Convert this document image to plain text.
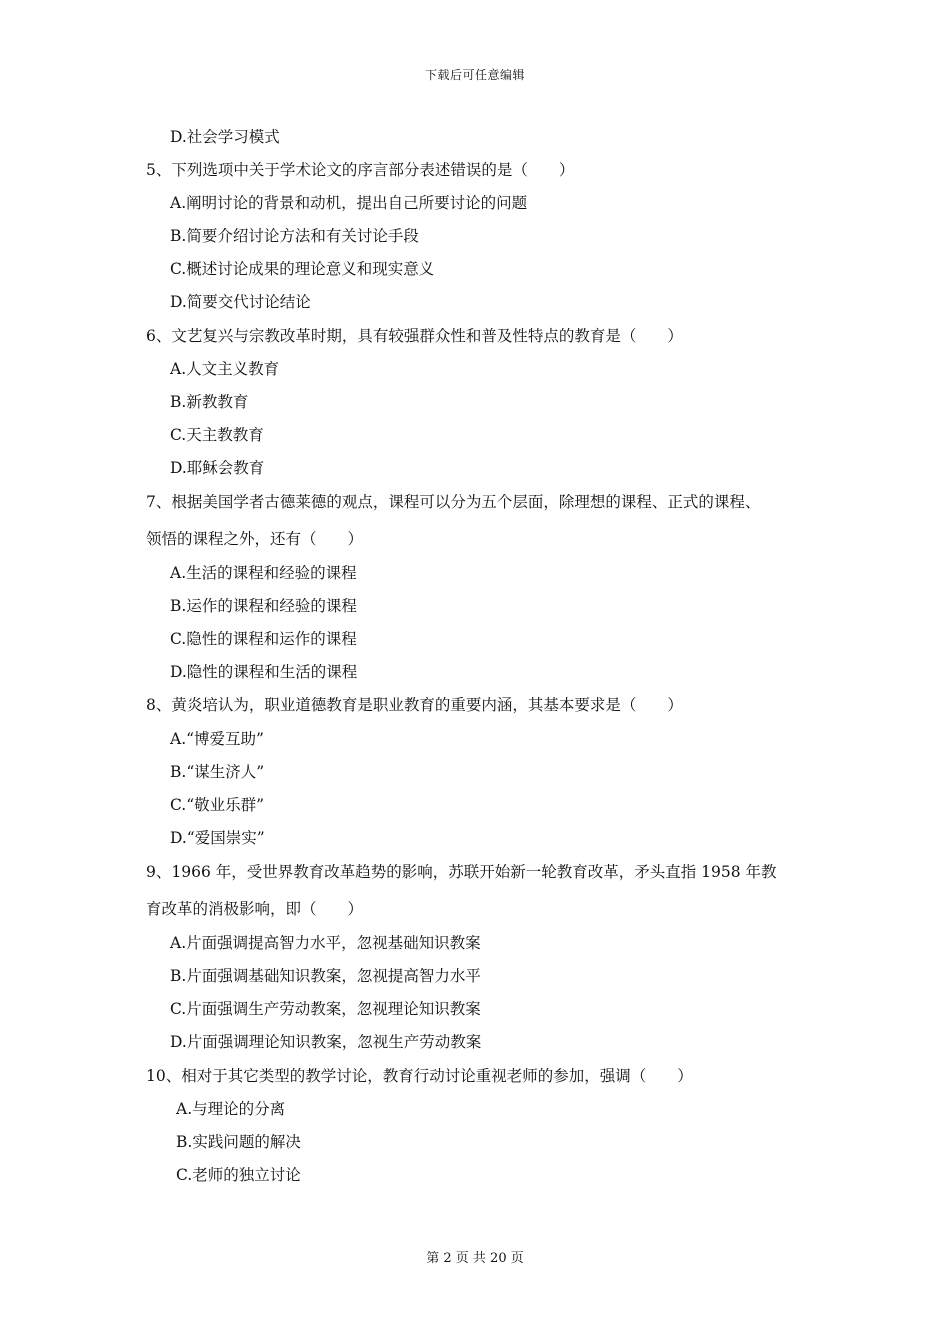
下载后可任意编辑
D.社会学习模式
5、下列选项中关于学术论文的序言部分表述错误的是（　　）
A.阐明讨论的背景和动机，提出自己所要讨论的问题
B.简要介绍讨论方法和有关讨论手段
C.概述讨论成果的理论意义和现实意义
D.简要交代讨论结论
6、文艺复兴与宗教改革时期，具有较强群众性和普及性特点的教育是（　　）
A.人文主义教育
B.新教教育
C.天主教教育
D.耶稣会教育
7、根据美国学者古德莱德的观点，课程可以分为五个层面，除理想的课程、正式的课程、
领悟的课程之外，还有（　　）
A.生活的课程和经验的课程
B.运作的课程和经验的课程
C.隐性的课程和运作的课程
D.隐性的课程和生活的课程
8、黄炎培认为，职业道德教育是职业教育的重要内涵，其基本要求是（　　）
A.“博爱互助”
B.“谋生济人”
C.“敬业乐群”
D.“爱国崇实”
9、1966 年，受世界教育改革趋势的影响，苏联开始新一轮教育改革，矛头直指 1958 年教
育改革的消极影响，即（　　）
A.片面强调提高智力水平，忽视基础知识教案
B.片面强调基础知识教案，忽视提高智力水平
C.片面强调生产劳动教案，忽视理论知识教案
D.片面强调理论知识教案，忽视生产劳动教案
10、相对于其它类型的教学讨论，教育行动讨论重视老师的参加，强调（　　）
A.与理论的分离
B.实践问题的解决
C.老师的独立讨论
第 2 页 共 20 页
